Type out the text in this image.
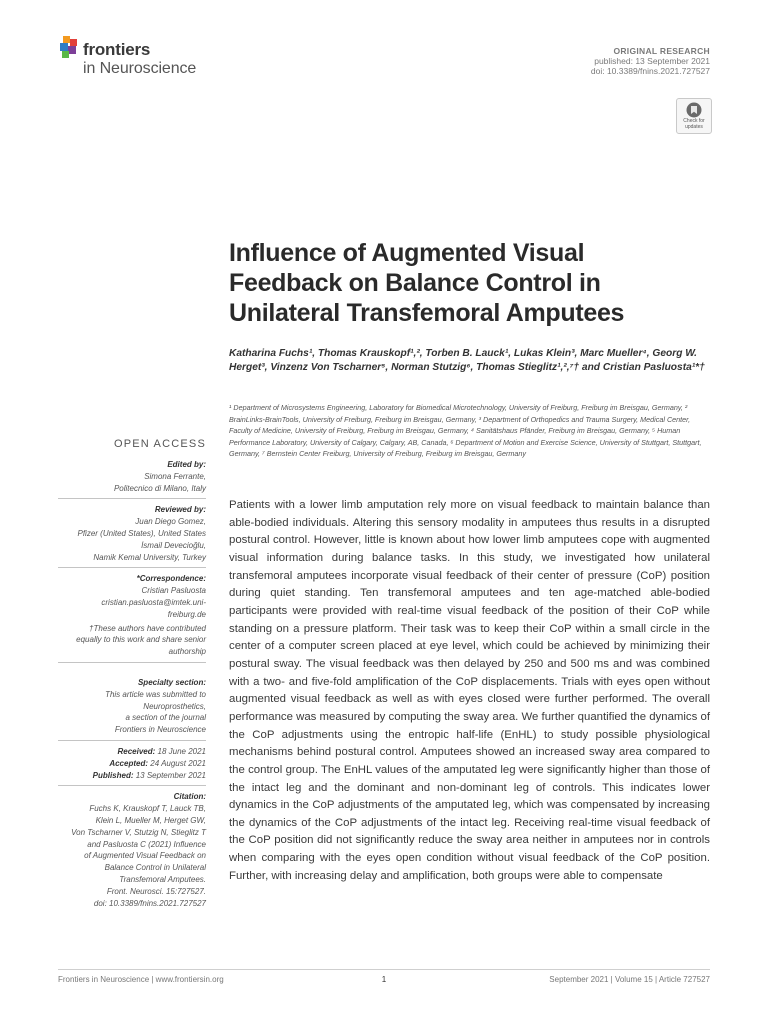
frontiers
in Neuroscience
ORIGINAL RESEARCH
published: 13 September 2021
doi: 10.3389/fnins.2021.727527
Check for
updates
Influence of Augmented Visual Feedback on Balance Control in Unilateral Transfemoral Amputees
Katharina Fuchs¹, Thomas Krauskopf¹,², Torben B. Lauck¹, Lukas Klein³, Marc Mueller⁴, Georg W. Herget³, Vinzenz Von Tscharner⁵, Norman Stutzig⁶, Thomas Stieglitz¹,²,⁷† and Cristian Pasluosta¹*†
¹ Department of Microsystems Engineering, Laboratory for Biomedical Microtechnology, University of Freiburg, Freiburg im Breisgau, Germany, ² BrainLinks-BrainTools, University of Freiburg, Freiburg im Breisgau, Germany, ³ Department of Orthopedics and Trauma Surgery, Medical Center, Faculty of Medicine, University of Freiburg, Freiburg im Breisgau, Germany, ⁴ Sanitätshaus Pfänder, Freiburg im Breisgau, Germany, ⁵ Human Performance Laboratory, University of Calgary, Calgary, AB, Canada, ⁶ Department of Motion and Exercise Science, University of Stuttgart, Stuttgart, Germany, ⁷ Bernstein Center Freiburg, University of Freiburg, Freiburg im Breisgau, Germany
OPEN ACCESS
Edited by:
Simona Ferrante,
Politecnico di Milano, Italy
Reviewed by:
Juan Diego Gomez,
Pfizer (United States), United States
İsmail Devecioğlu,
Namik Kemal University, Turkey
*Correspondence:
Cristian Pasluosta
cristian.pasluosta@imtek.uni-
freiburg.de
†These authors have contributed
equally to this work and share senior
authorship
Specialty section:
This article was submitted to
Neuroprosthetics,
a section of the journal
Frontiers in Neuroscience
Received: 18 June 2021
Accepted: 24 August 2021
Published: 13 September 2021
Citation:
Fuchs K, Krauskopf T, Lauck TB,
Klein L, Mueller M, Herget GW,
Von Tscharner V, Stutzig N, Stieglitz T
and Pasluosta C (2021) Influence
of Augmented Visual Feedback on
Balance Control in Unilateral
Transfemoral Amputees.
Front. Neurosci. 15:727527.
doi: 10.3389/fnins.2021.727527
Patients with a lower limb amputation rely more on visual feedback to maintain balance than able-bodied individuals. Altering this sensory modality in amputees thus results in a disrupted postural control. However, little is known about how lower limb amputees cope with augmented visual information during balance tasks. In this study, we investigated how unilateral transfemoral amputees incorporate visual feedback of their center of pressure (CoP) position during quiet standing. Ten transfemoral amputees and ten age-matched able-bodied participants were provided with real-time visual feedback of the position of their CoP while standing on a pressure platform. Their task was to keep their CoP within a small circle in the center of a computer screen placed at eye level, which could be achieved by minimizing their postural sway. The visual feedback was then delayed by 250 and 500 ms and was combined with a two- and five-fold amplification of the CoP displacements. Trials with eyes open without augmented visual feedback as well as with eyes closed were further performed. The overall performance was measured by computing the sway area. We further quantified the dynamics of the CoP adjustments using the entropic half-life (EnHL) to study possible physiological mechanisms behind postural control. Amputees showed an increased sway area compared to the control group. The EnHL values of the amputated leg were significantly higher than those of the intact leg and the dominant and non-dominant leg of controls. This indicates lower dynamics in the CoP adjustments of the amputated leg, which was compensated by increasing the dynamics of the CoP adjustments of the intact leg. Receiving real-time visual feedback of the CoP position did not significantly reduce the sway area neither in amputees nor in controls when comparing with the eyes open condition without visual feedback of the CoP position. Further, with increasing delay and amplification, both groups were able to compensate
Frontiers in Neuroscience | www.frontiersin.org	1	September 2021 | Volume 15 | Article 727527
